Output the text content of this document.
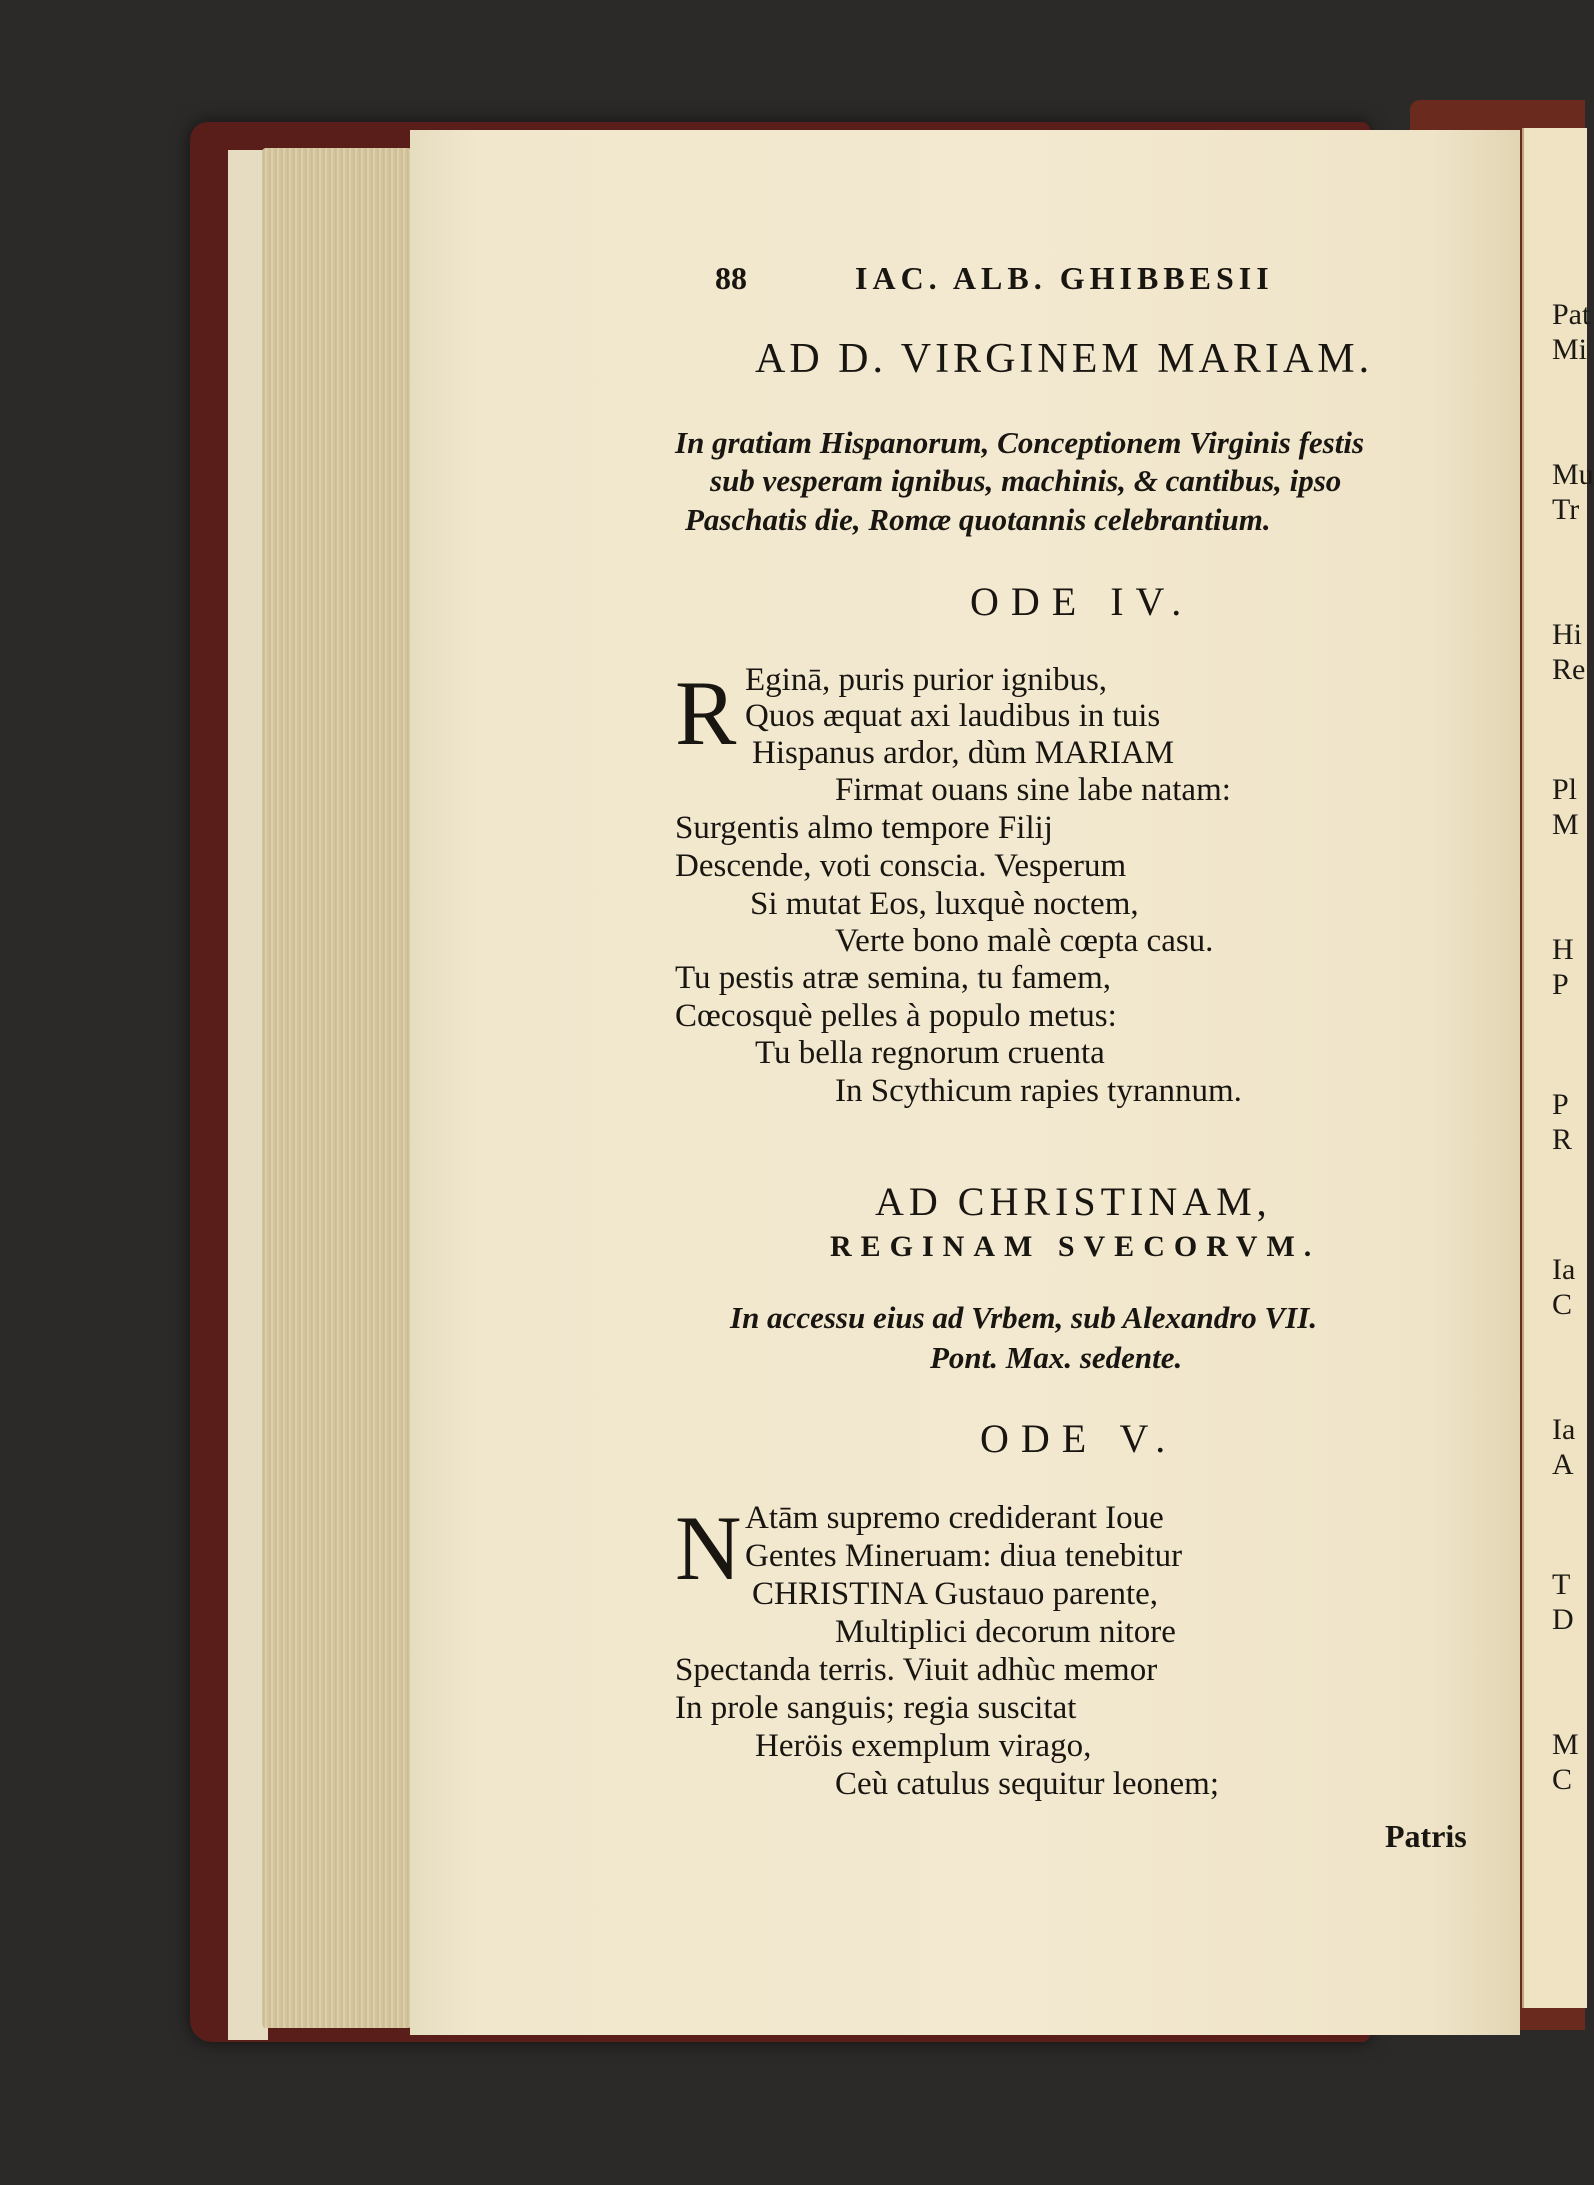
Pat
Mi
Mu
Tr
Hi
Re
Pl
M
H
P
P
R
Ia
C
Ia
A
T
D
M
C
88	IAC. ALB. GHIBBESII
AD D. VIRGINEM MARIAM.
In gratiam Hispanorum, Conceptionem Virginis festis
sub vesperam ignibus, machinis, & cantibus, ipso
Paschatis die, Romæ quotannis celebrantium.
ODE IV.
R Eginā, puris purior ignibus,
Quos æquat axi laudibus in tuis
Hispanus ardor, dùm MARIAM
Firmat ouans sine labe natam:
Surgentis almo tempore Filij
Descende, voti conscia. Vesperum
Si mutat Eos, luxquè noctem,
Verte bono malè cœpta casu.
Tu pestis atræ semina, tu famem,
Cœcosquè pelles à populo metus:
Tu bella regnorum cruenta
In Scythicum rapies tyrannum.
AD CHRISTINAM,
REGINAM SVECORVM.
In accessu eius ad Vrbem, sub Alexandro VII.
Pont. Max. sedente.
ODE V.
N Atām supremo crediderant Ioue
Gentes Mineruam: diua tenebitur
CHRISTINA Gustauo parente,
Multiplici decorum nitore
Spectanda terris. Viuit adhùc memor
In prole sanguis; regia suscitat
Heröis exemplum virago,
Ceù catulus sequitur leonem;
Patris
